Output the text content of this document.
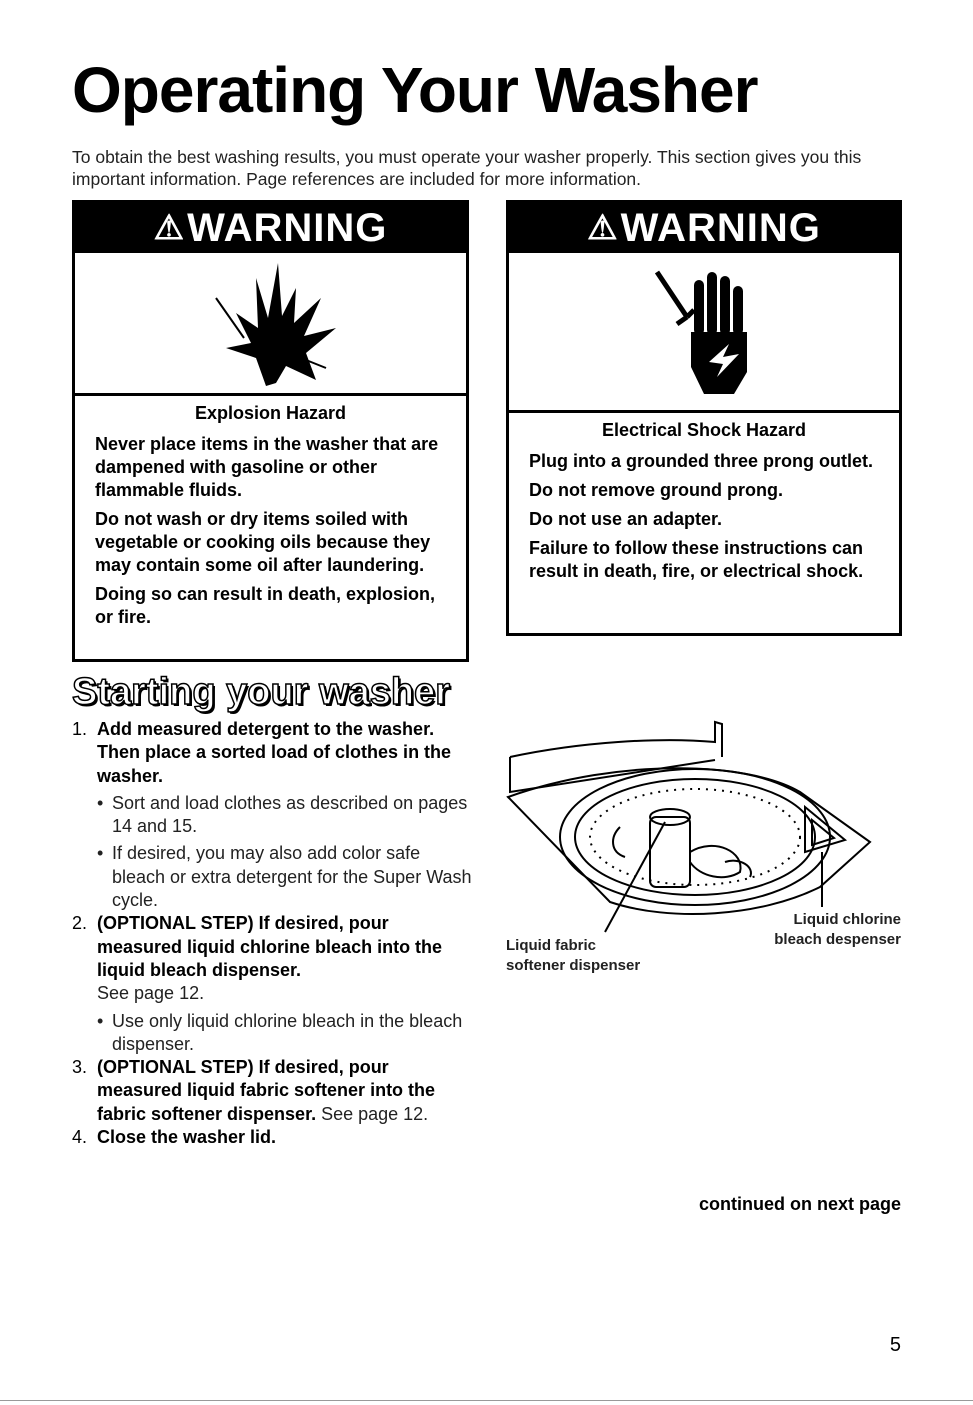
Operating Your Washer

To obtain the best washing results, you must operate your washer properly. This section gives you this important information. Page references are included for more information.

⚠ WARNING
Explosion Hazard

Never place items in the washer that are dampened with gasoline or other flammable fluids.

Do not wash or dry items soiled with vegetable or cooking oils because they may contain some oil after laundering.

Doing so can result in death, explosion, or fire.

⚠ WARNING
Electrical Shock Hazard

Plug into a grounded three prong outlet.

Do not remove ground prong.

Do not use an adapter.

Failure to follow these instructions can result in death, fire, or electrical shock.

Starting your washer
1. Add measured detergent to the washer. Then place a sorted load of clothes in the washer.
• Sort and load clothes as described on pages 14 and 15.
• If desired, you may also add color safe bleach or extra detergent for the Super Wash cycle.
2. (OPTIONAL STEP) If desired, pour measured liquid chlorine bleach into the liquid bleach dispenser.
See page 12.
• Use only liquid chlorine bleach in the bleach dispenser.
3. (OPTIONAL STEP) If desired, pour measured liquid fabric softener into the fabric softener dispenser. See page 12.
4. Close the washer lid.
Liquid fabric
softener dispenser
Liquid chlorine
bleach despenser
continued on next page
5
